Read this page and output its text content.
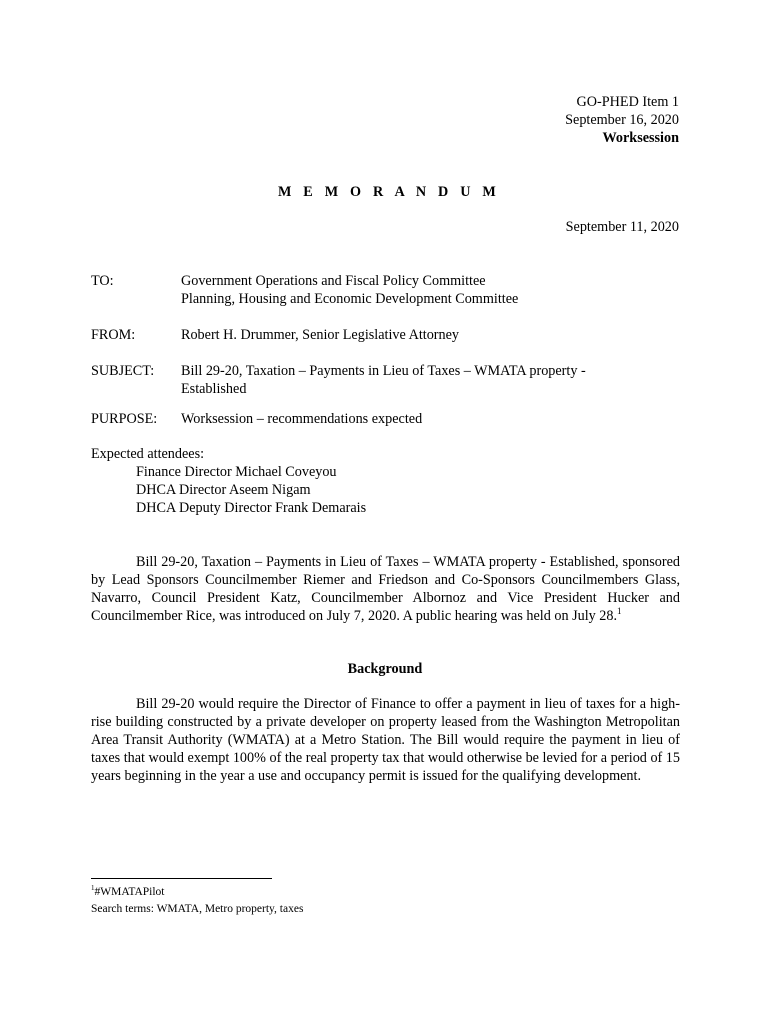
GO-PHED Item 1
September 16, 2020
Worksession
M E M O R A N D U M
September 11, 2020
TO:	Government Operations and Fiscal Policy Committee
Planning, Housing and Economic Development Committee
FROM:	Robert H. Drummer, Senior Legislative Attorney
SUBJECT:	Bill 29-20, Taxation – Payments in Lieu of Taxes – WMATA property -
Established
PURPOSE:	Worksession – recommendations expected
Expected attendees:
Finance Director Michael Coveyou
DHCA Director Aseem Nigam
DHCA Deputy Director Frank Demarais
Bill 29-20, Taxation – Payments in Lieu of Taxes – WMATA property - Established, sponsored by Lead Sponsors Councilmember Riemer and Friedson and Co-Sponsors Councilmembers Glass, Navarro, Council President Katz, Councilmember Albornoz and Vice President Hucker and Councilmember Rice, was introduced on July 7, 2020. A public hearing was held on July 28.$^1$
Background
Bill 29-20 would require the Director of Finance to offer a payment in lieu of taxes for a high-rise building constructed by a private developer on property leased from the Washington Metropolitan Area Transit Authority (WMATA) at a Metro Station. The Bill would require the payment in lieu of taxes that would exempt 100% of the real property tax that would otherwise be levied for a period of 15 years beginning in the year a use and occupancy permit is issued for the qualifying development.
$^1$#WMATAPilot
Search terms: WMATA, Metro property, taxes
